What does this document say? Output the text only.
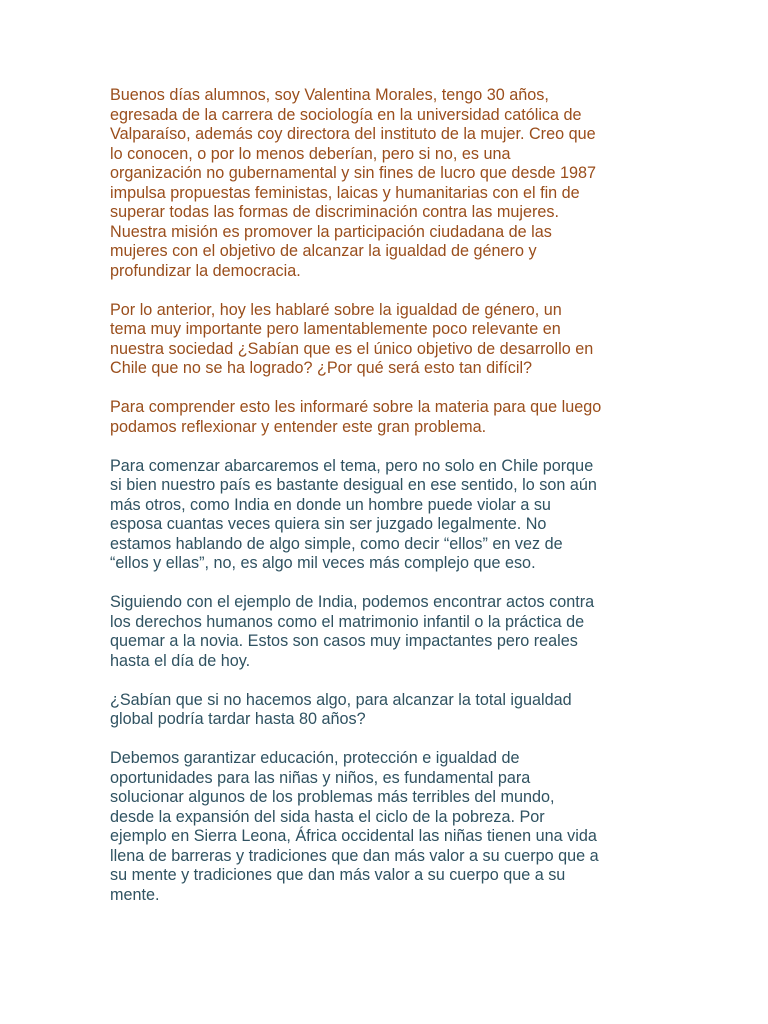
Buenos días alumnos, soy Valentina Morales, tengo 30 años,
egresada de la carrera de sociología en la universidad católica de
Valparaíso, además coy directora del instituto de la mujer. Creo que
lo conocen, o por lo menos deberían, pero si no, es una
organización no gubernamental y sin fines de lucro que desde 1987
impulsa propuestas feministas, laicas y humanitarias con el fin de
superar todas las formas de discriminación contra las mujeres.
Nuestra misión es promover la participación ciudadana de las
mujeres con el objetivo de alcanzar la igualdad de género y
profundizar la democracia.
Por lo anterior, hoy les hablaré sobre la igualdad de género, un
tema muy importante pero lamentablemente poco relevante en
nuestra sociedad ¿Sabían que es el único objetivo de desarrollo en
Chile que no se ha logrado? ¿Por qué será esto tan difícil?
Para comprender esto les informaré sobre la materia para que luego
podamos reflexionar y entender este gran problema.
Para comenzar abarcaremos el tema, pero no solo en Chile porque
si bien nuestro país es bastante desigual en ese sentido, lo son aún
más otros, como India en donde un hombre puede violar a su
esposa cuantas veces quiera sin ser juzgado legalmente. No
estamos hablando de algo simple, como decir “ellos” en vez de
“ellos y ellas”, no, es algo mil veces más complejo que eso.
Siguiendo con el ejemplo de India, podemos encontrar actos contra
los derechos humanos como el matrimonio infantil o la práctica de
quemar a la novia. Estos son casos muy impactantes pero reales
hasta el día de hoy.
¿Sabían que si no hacemos algo, para alcanzar la total igualdad
global podría tardar hasta 80 años?
Debemos garantizar educación, protección e igualdad de
oportunidades para las niñas y niños, es fundamental para
solucionar algunos de los problemas más terribles del mundo,
desde la expansión del sida hasta el ciclo de la pobreza. Por
ejemplo en Sierra Leona, África occidental las niñas tienen una vida
llena de barreras y tradiciones que dan más valor a su cuerpo que a
su mente y tradiciones que dan más valor a su cuerpo que a su
mente.
